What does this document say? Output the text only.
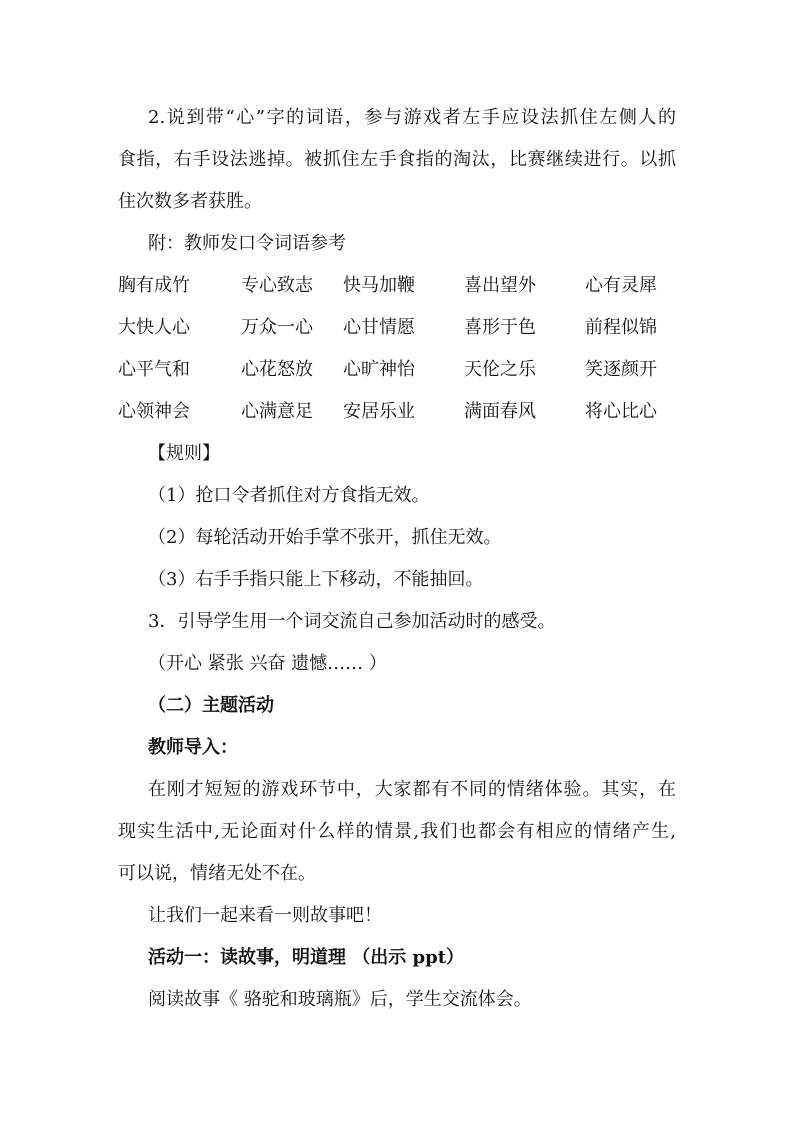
2.说到带“心”字的词语，参与游戏者左手应设法抓住左侧人的
食指，右手设法逃掉。被抓住左手食指的淘汰，比赛继续进行。以抓
住次数多者获胜。
附：教师发口令词语参考
胸有成竹	专心致志	快马加鞭	喜出望外	心有灵犀
大快人心	万众一心	心甘情愿	喜形于色	前程似锦
心平气和	心花怒放	心旷神怡	天伦之乐	笑逐颜开
心领神会	心满意足	安居乐业	满面春风	将心比心
【规则】
（1）抢口令者抓住对方食指无效。
（2）每轮活动开始手掌不张开，抓住无效。
（3）右手手指只能上下移动，不能抽回。
3．引导学生用一个词交流自己参加活动时的感受。
（开心 紧张 兴奋 遗憾…… ）
（二）主题活动
教师导入：
在刚才短短的游戏环节中，大家都有不同的情绪体验。其实，在
现实生活中,无论面对什么样的情景,我们也都会有相应的情绪产生,
可以说，情绪无处不在。
让我们一起来看一则故事吧！
活动一：读故事，明道理 （出示 ppt）
阅读故事《 骆驼和玻璃瓶》后，学生交流体会。
